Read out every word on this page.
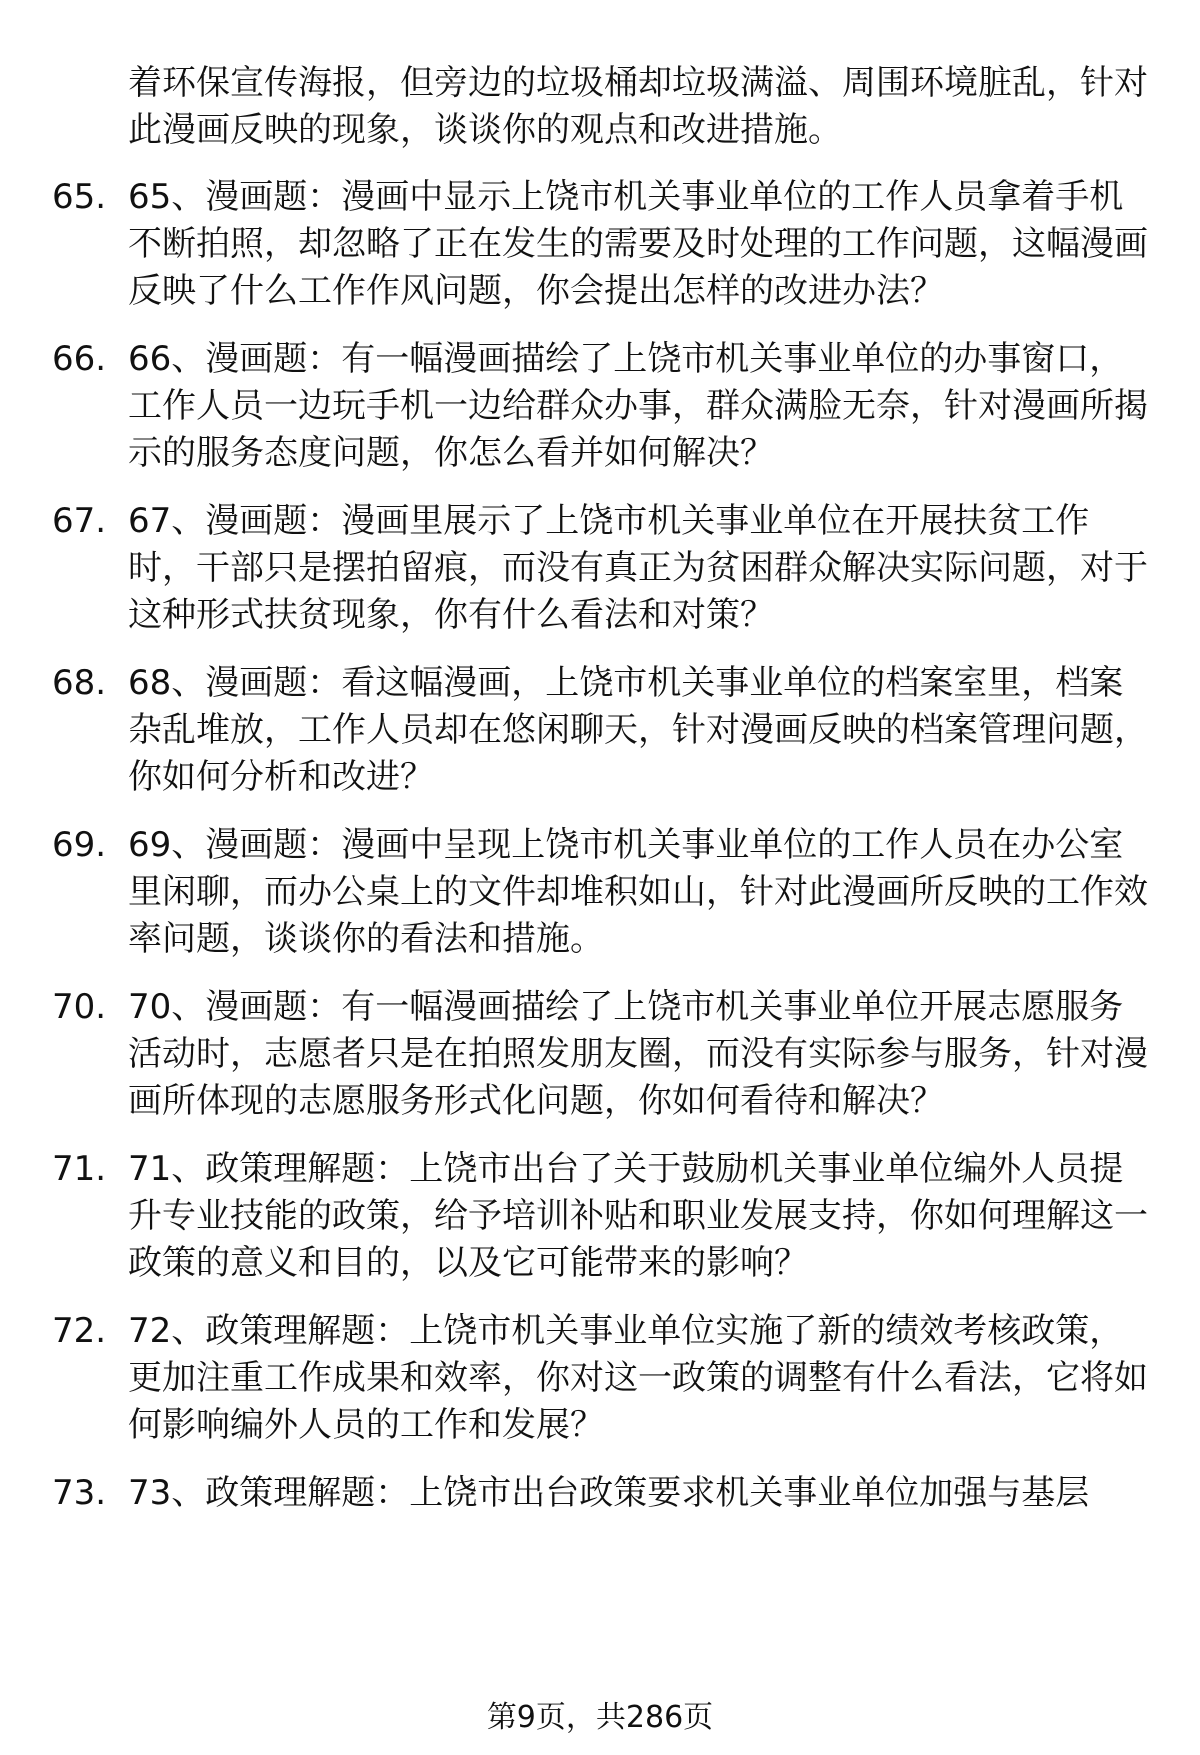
着环保宣传海报，但旁边的垃圾桶却垃圾满溢、周围环境脏乱，针对此漫画反映的现象，谈谈你的观点和改进措施。
65. 65、漫画题：漫画中显示上饶市机关事业单位的工作人员拿着手机不断拍照，却忽略了正在发生的需要及时处理的工作问题，这幅漫画反映了什么工作作风问题，你会提出怎样的改进办法？
66. 66、漫画题：有一幅漫画描绘了上饶市机关事业单位的办事窗口，工作人员一边玩手机一边给群众办事，群众满脸无奈，针对漫画所揭示的服务态度问题，你怎么看并如何解决？
67. 67、漫画题：漫画里展示了上饶市机关事业单位在开展扶贫工作时，干部只是摆拍留痕，而没有真正为贫困群众解决实际问题，对于这种形式扶贫现象，你有什么看法和对策？
68. 68、漫画题：看这幅漫画，上饶市机关事业单位的档案室里，档案杂乱堆放，工作人员却在悠闲聊天，针对漫画反映的档案管理问题，你如何分析和改进？
69. 69、漫画题：漫画中呈现上饶市机关事业单位的工作人员在办公室里闲聊，而办公桌上的文件却堆积如山，针对此漫画所反映的工作效率问题，谈谈你的看法和措施。
70. 70、漫画题：有一幅漫画描绘了上饶市机关事业单位开展志愿服务活动时，志愿者只是在拍照发朋友圈，而没有实际参与服务，针对漫画所体现的志愿服务形式化问题，你如何看待和解决？
71. 71、政策理解题：上饶市出台了关于鼓励机关事业单位编外人员提升专业技能的政策，给予培训补贴和职业发展支持，你如何理解这一政策的意义和目的，以及它可能带来的影响？
72. 72、政策理解题：上饶市机关事业单位实施了新的绩效考核政策，更加注重工作成果和效率，你对这一政策的调整有什么看法，它将如何影响编外人员的工作和发展？
73. 73、政策理解题：上饶市出台政策要求机关事业单位加强与基层
第9页，共286页
